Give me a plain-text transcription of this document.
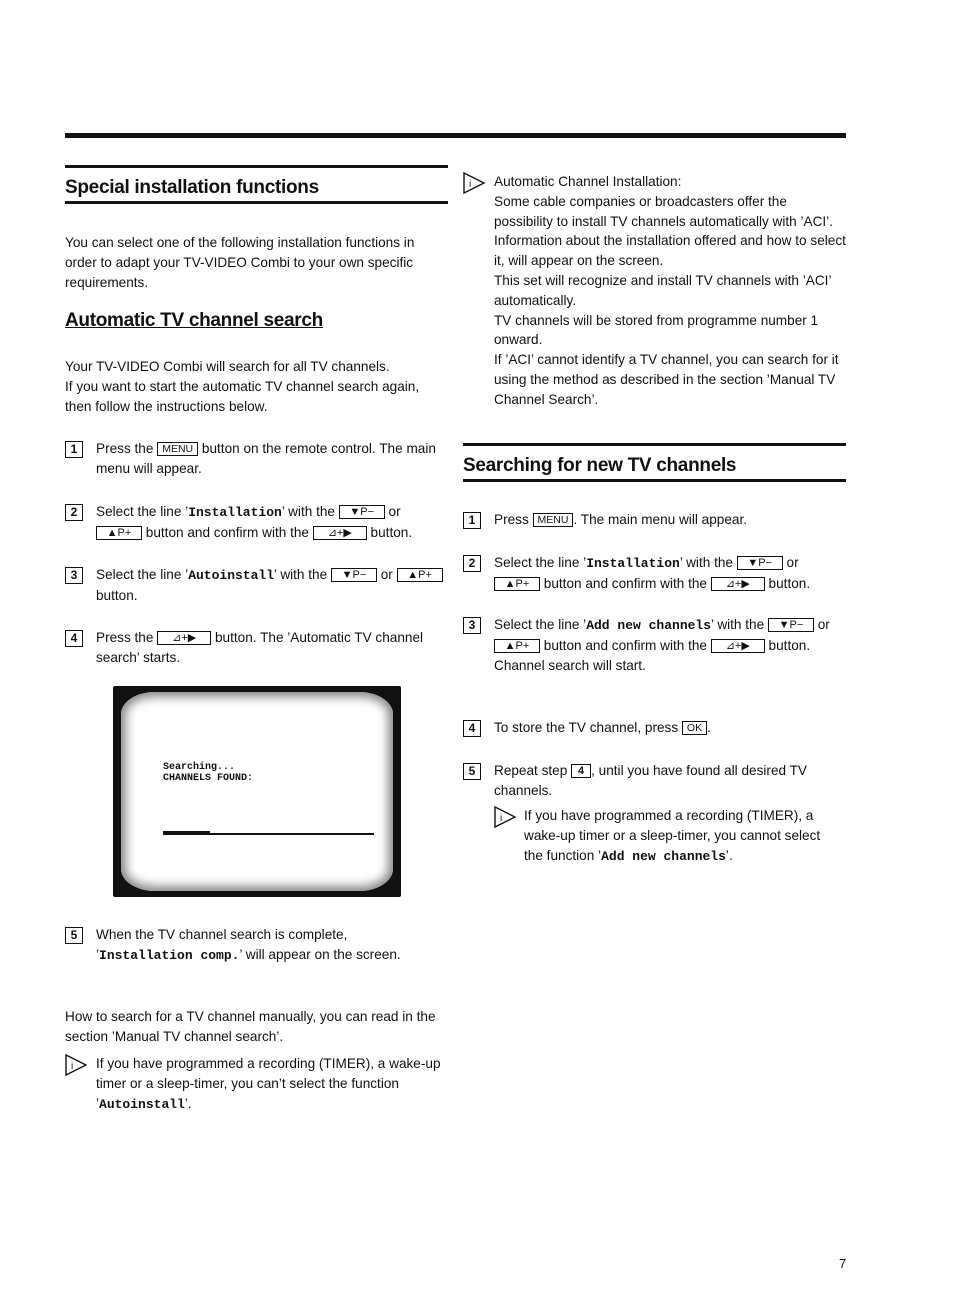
Special installation functions
You can select one of the following installation functions in order to adapt your TV-VIDEO Combi to your own specific requirements.
Automatic TV channel search
Your TV-VIDEO Combi will search for all TV channels.
If you want to start the automatic TV channel search again, then follow the instructions below.
1	Press the MENU button on the remote control. The main menu will appear.
2	Select the line ’Installation’ with the ▼P− or ▲P+ button and confirm with the ⊿+▶ button.
3	Select the line ’Autoinstall’ with the ▼P− or ▲P+ button.
4	Press the ⊿+▶ button. The ’Automatic TV channel search’ starts.
Searching...
CHANNELS FOUND:
5	When the TV channel search is complete, ’Installation comp.’ will appear on the screen.
How to search for a TV channel manually, you can read in the section ’Manual TV channel search’.
i If you have programmed a recording (TIMER), a wake-up timer or a sleep-timer, you can’t select the function ’Autoinstall’.
i Automatic Channel Installation:
Some cable companies or broadcasters offer the possibility to install TV channels automatically with ’ACI’. Information about the installation offered and how to select it, will appear on the screen.
This set will recognize and install TV channels with ’ACI’ automatically.
TV channels will be stored from programme number 1 onward.
If ’ACI’ cannot identify a TV channel, you can search for it using the method as described in the section ’Manual TV Channel Search’.
Searching for new TV channels
1	Press MENU . The main menu will appear.
2	Select the line ’Installation’ with the ▼P− or ▲P+ button and confirm with the ⊿+▶ button.
3	Select the line ’Add new channels’ with the ▼P− or ▲P+ button and confirm with the ⊿+▶ button.
Channel search will start.
4	To store the TV channel, press OK .
5	Repeat step 4 , until you have found all desired TV channels.
i If you have programmed a recording (TIMER), a wake-up timer or a sleep-timer, you cannot select the function ’Add new channels’.
7
